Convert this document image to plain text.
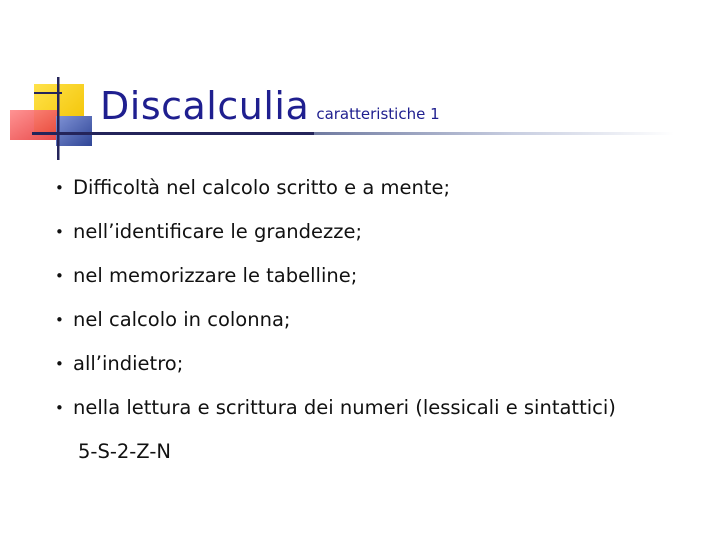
Discalculia caratteristiche 1
• Difficoltà nel calcolo scritto e a mente;
• nell’identificare le grandezze;
• nel memorizzare le tabelline;
• nel calcolo in colonna;
• all’indietro;
• nella lettura e scrittura dei numeri (lessicali e sintattici)
5-S-2-Z-N
